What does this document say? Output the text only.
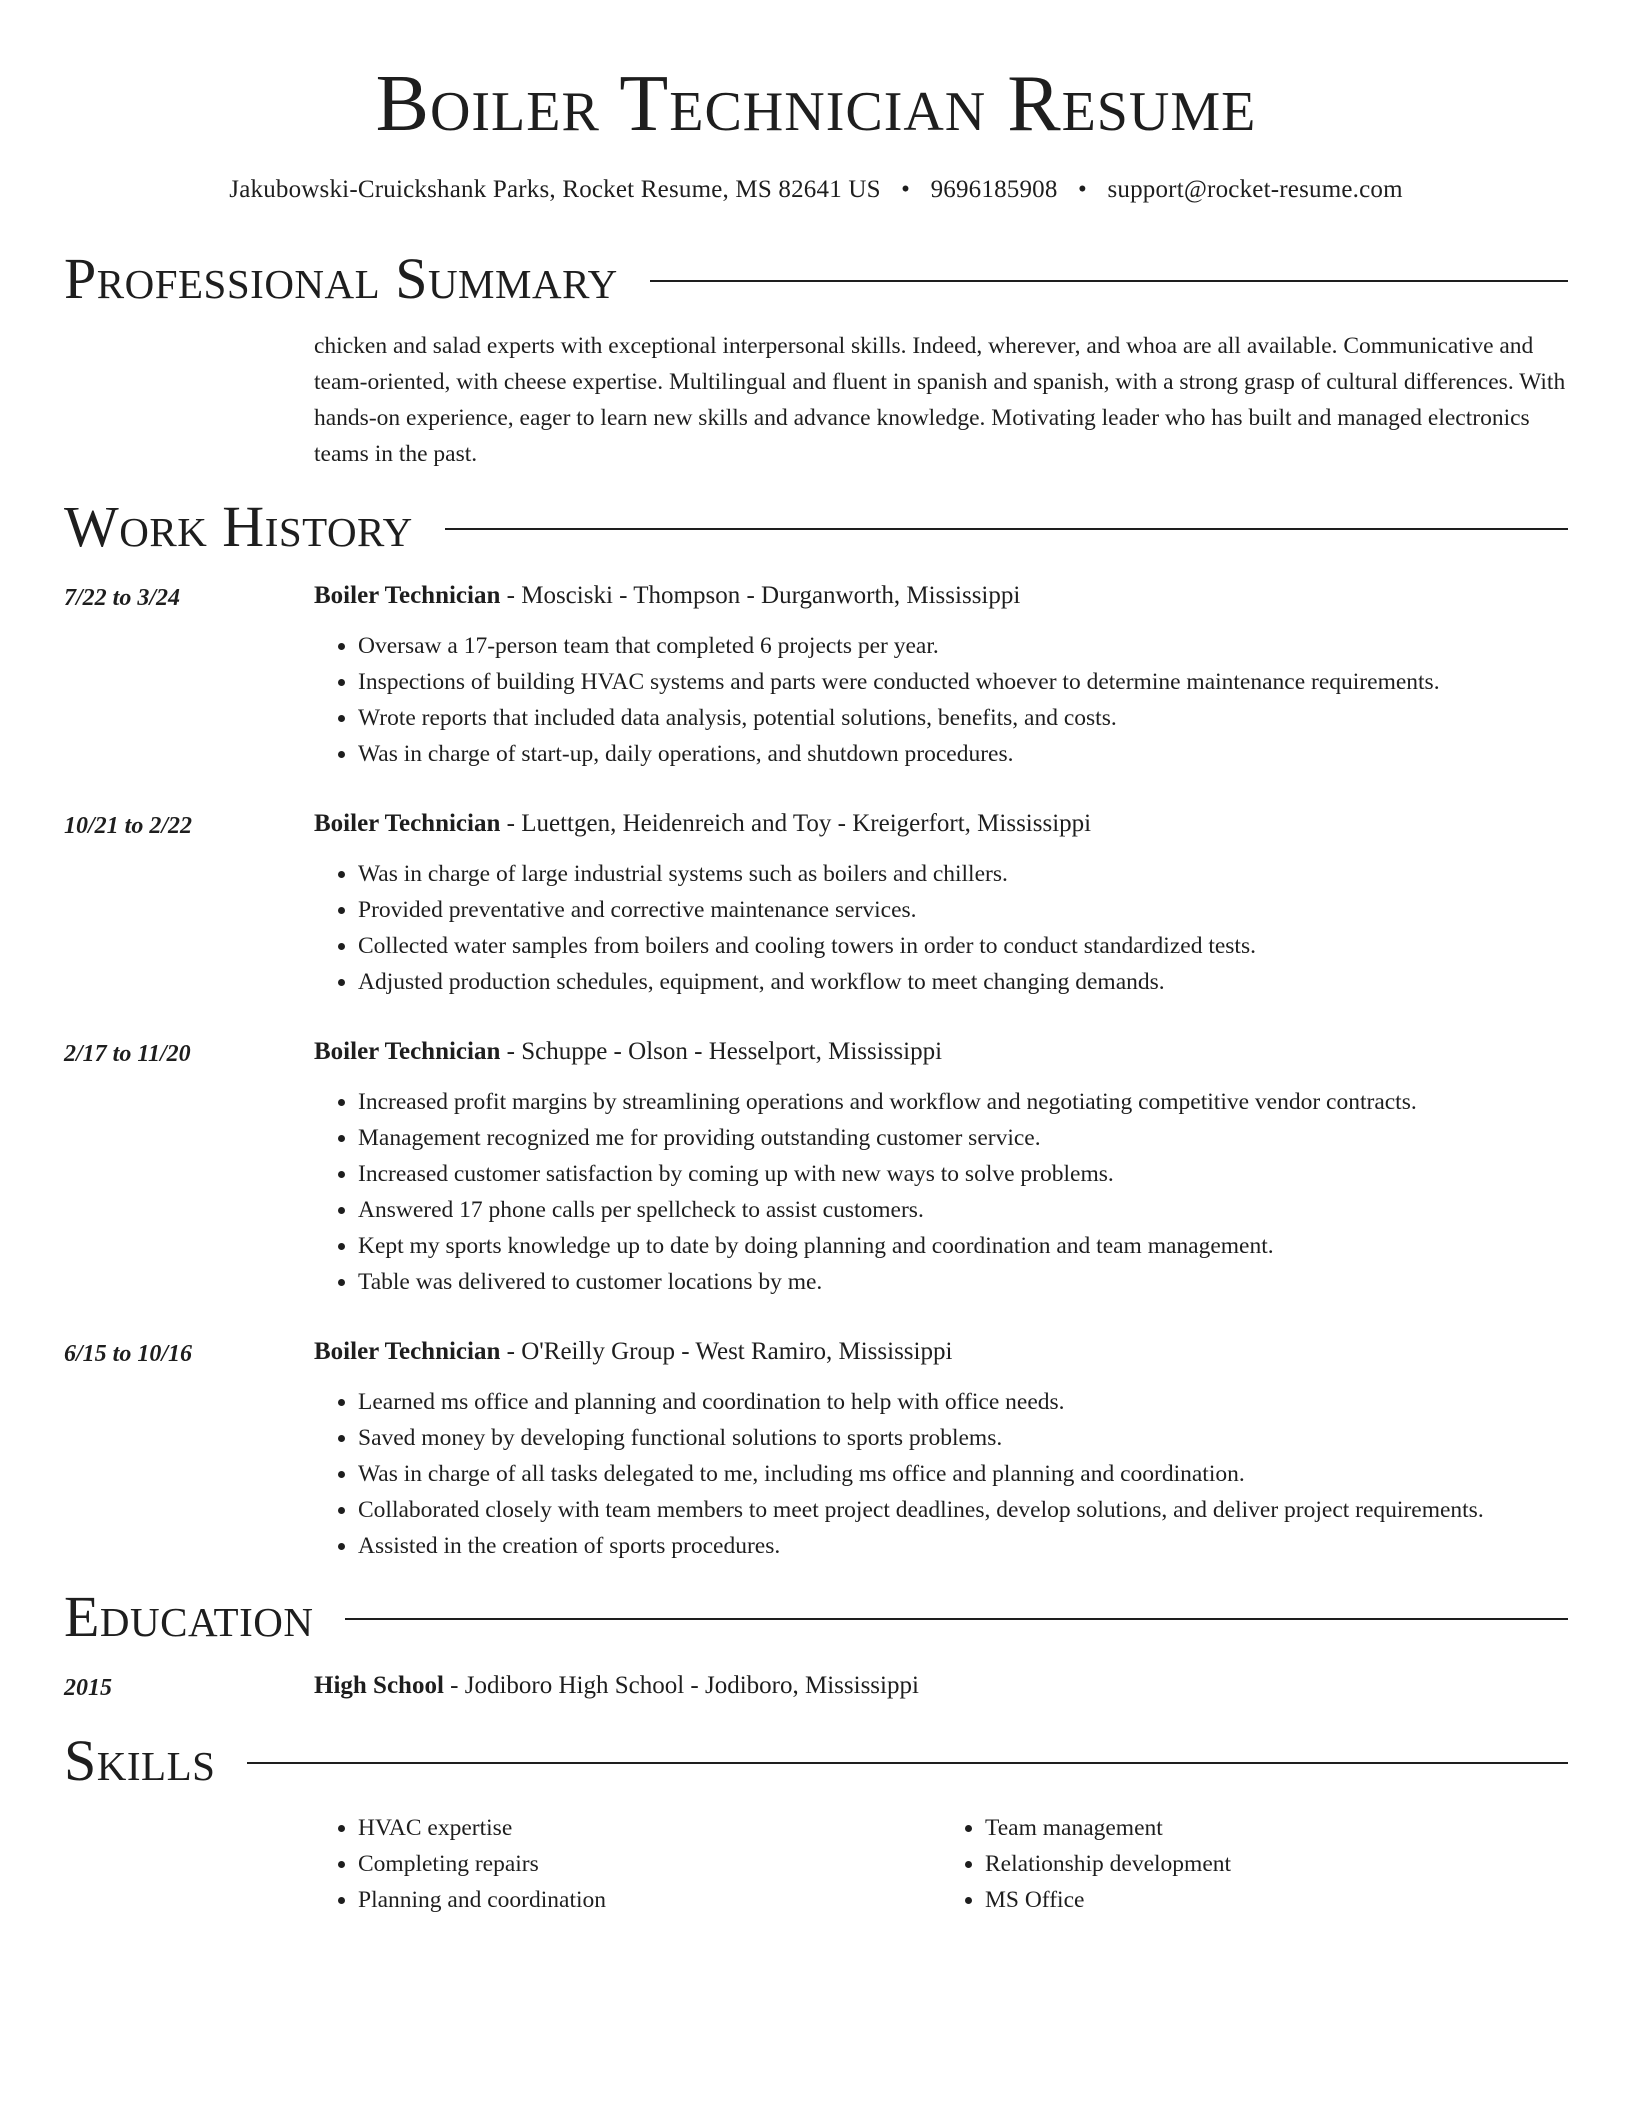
Boiler Technician Resume
Jakubowski-Cruickshank Parks, Rocket Resume, MS 82641 US • 9696185908 • support@rocket-resume.com
Professional Summary
chicken and salad experts with exceptional interpersonal skills. Indeed, wherever, and whoa are all available. Communicative and team-oriented, with cheese expertise. Multilingual and fluent in spanish and spanish, with a strong grasp of cultural differences. With hands-on experience, eager to learn new skills and advance knowledge. Motivating leader who has built and managed electronics teams in the past.
Work History
7/22 to 3/24	Boiler Technician - Mosciski - Thompson - Durganworth, Mississippi
• Oversaw a 17-person team that completed 6 projects per year.
• Inspections of building HVAC systems and parts were conducted whoever to determine maintenance requirements.
• Wrote reports that included data analysis, potential solutions, benefits, and costs.
• Was in charge of start-up, daily operations, and shutdown procedures.
10/21 to 2/22	Boiler Technician - Luettgen, Heidenreich and Toy - Kreigerfort, Mississippi
• Was in charge of large industrial systems such as boilers and chillers.
• Provided preventative and corrective maintenance services.
• Collected water samples from boilers and cooling towers in order to conduct standardized tests.
• Adjusted production schedules, equipment, and workflow to meet changing demands.
2/17 to 11/20	Boiler Technician - Schuppe - Olson - Hesselport, Mississippi
• Increased profit margins by streamlining operations and workflow and negotiating competitive vendor contracts.
• Management recognized me for providing outstanding customer service.
• Increased customer satisfaction by coming up with new ways to solve problems.
• Answered 17 phone calls per spellcheck to assist customers.
• Kept my sports knowledge up to date by doing planning and coordination and team management.
• Table was delivered to customer locations by me.
6/15 to 10/16	Boiler Technician - O'Reilly Group - West Ramiro, Mississippi
• Learned ms office and planning and coordination to help with office needs.
• Saved money by developing functional solutions to sports problems.
• Was in charge of all tasks delegated to me, including ms office and planning and coordination.
• Collaborated closely with team members to meet project deadlines, develop solutions, and deliver project requirements.
• Assisted in the creation of sports procedures.
Education
2015	High School - Jodiboro High School - Jodiboro, Mississippi
Skills
• HVAC expertise
• Completing repairs
• Planning and coordination
• Team management
• Relationship development
• MS Office
